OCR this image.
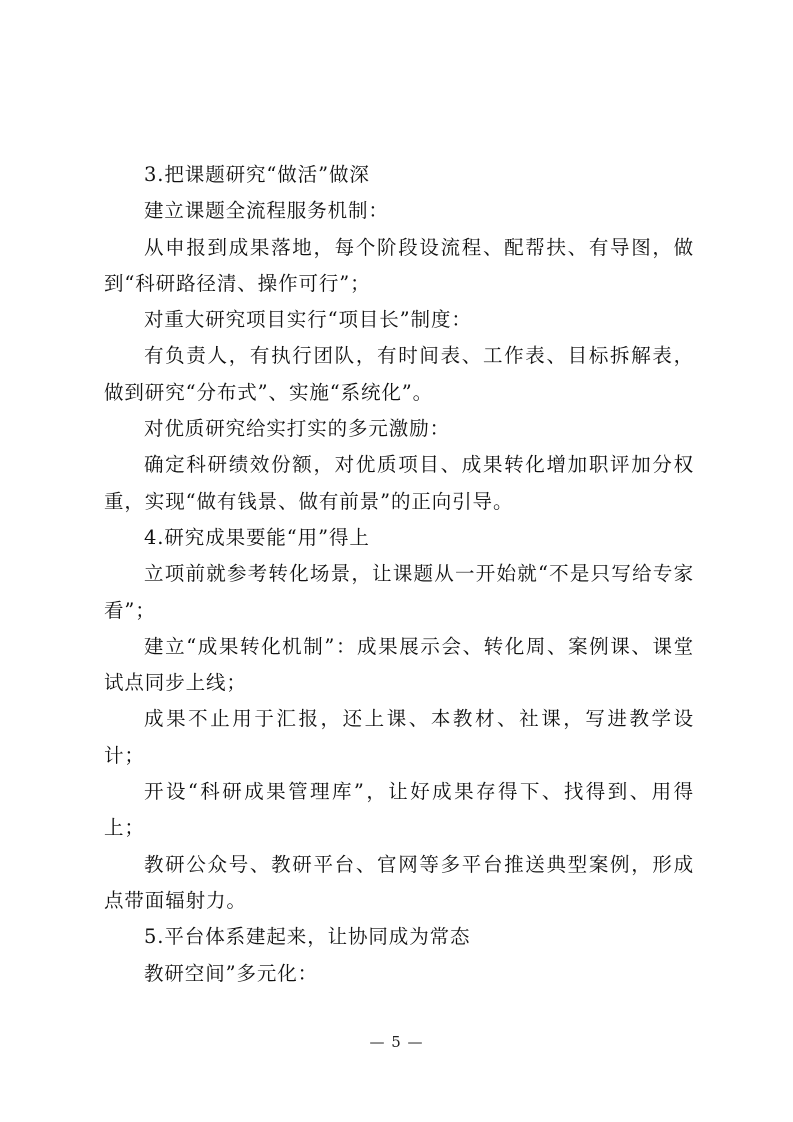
3.把课题研究“做活”做深

建立课题全流程服务机制：

从申报到成果落地，每个阶段设流程、配帮扶、有导图，做到“科研路径清、操作可行”；

对重大研究项目实行“项目长”制度：

有负责人，有执行团队，有时间表、工作表、目标拆解表，做到研究“分布式”、实施“系统化”。

对优质研究给实打实的多元激励：

确定科研绩效份额，对优质项目、成果转化增加职评加分权重，实现“做有钱景、做有前景”的正向引导。

4.研究成果要能“用”得上

立项前就参考转化场景，让课题从一开始就“不是只写给专家看”；

建立“成果转化机制”：成果展示会、转化周、案例课、课堂试点同步上线；

成果不止用于汇报，还上课、本教材、社课，写进教学设计；

开设“科研成果管理库”，让好成果存得下、找得到、用得上；

教研公众号、教研平台、官网等多平台推送典型案例，形成点带面辐射力。

5.平台体系建起来，让协同成为常态

教研空间”多元化：

— 5 —
